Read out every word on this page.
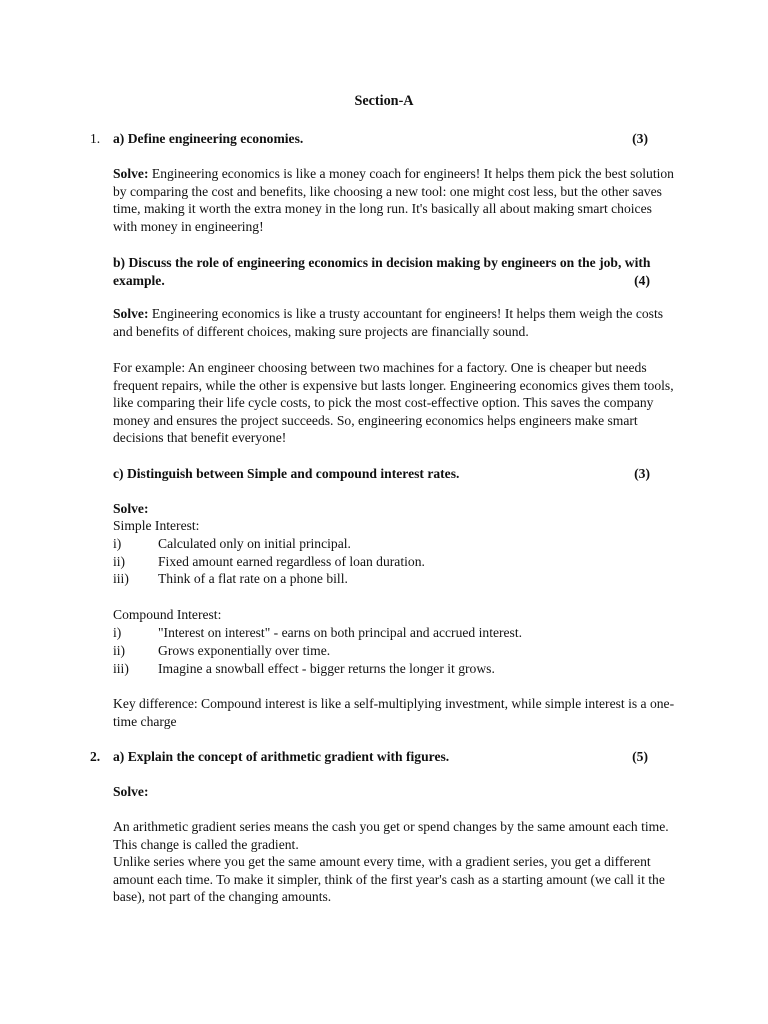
Section-A
1. a) Define engineering economies.	(3)

Solve: Engineering economics is like a money coach for engineers! It helps them pick the best solution by comparing the cost and benefits, like choosing a new tool: one might cost less, but the other saves time, making it worth the extra money in the long run. It's basically all about making smart choices with money in engineering!

b) Discuss the role of engineering economics in decision making by engineers on the job, with example.	(4)

Solve: Engineering economics is like a trusty accountant for engineers! It helps them weigh the costs and benefits of different choices, making sure projects are financially sound.

For example: An engineer choosing between two machines for a factory. One is cheaper but needs frequent repairs, while the other is expensive but lasts longer. Engineering economics gives them tools, like comparing their life cycle costs, to pick the most cost-effective option. This saves the company money and ensures the project succeeds. So, engineering economics helps engineers make smart decisions that benefit everyone!

c) Distinguish between Simple and compound interest rates.	(3)
Solve:
Simple Interest:
i)	Calculated only on initial principal.
ii) Fixed amount earned regardless of loan duration.
iii) Think of a flat rate on a phone bill.
Compound Interest:
i)	"Interest on interest" - earns on both principal and accrued interest.
ii) Grows exponentially over time.
iii) Imagine a snowball effect - bigger returns the longer it grows.
Key difference: Compound interest is like a self-multiplying investment, while simple interest is a one-time charge
2. a) Explain the concept of arithmetic gradient with figures.	(5)
Solve:
An arithmetic gradient series means the cash you get or spend changes by the same amount each time. This change is called the gradient.
Unlike series where you get the same amount every time, with a gradient series, you get a different amount each time. To make it simpler, think of the first year's cash as a starting amount (we call it the base), not part of the changing amounts.
